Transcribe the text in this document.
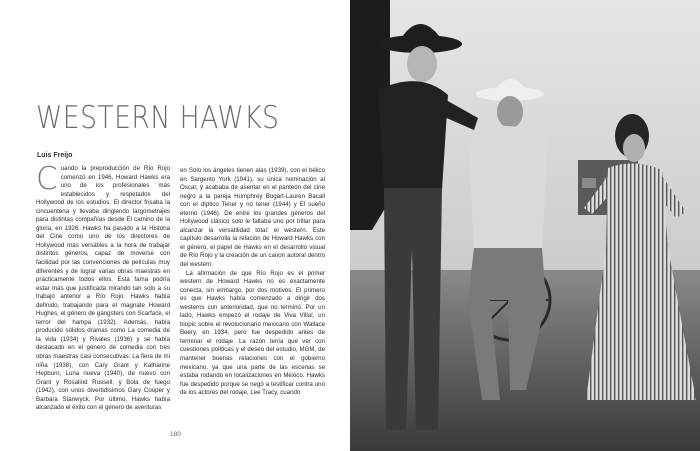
WESTERN HAWKS
Luis Freijo

Cuando la preproducción de Río Rojo comenzó en 1946, Howard Hawks era uno de los profesionales más establecidos y respetados del Hollywood de los estudios. El director frisaba la cincuentena y llevaba dirigiendo largometrajes para distintas compañías desde El camino de la gloria, en 1926. Hawks ha pasado a la Historia del Cine como uno de los directores de Hollywood más versátiles a la hora de trabajar distintos géneros, capaz de moverse con facilidad por las convenciones de películas muy diferentes y de lograr varias obras maestras en prácticamente todos ellos. Esta fama podría estar más que justificada mirando tan solo a su trabajo anterior a Río Rojo. Hawks había definido, trabajando para el magnate Howard Hughes, el género de gángsters con Scarface, el terror del hampa (1932). Además, había producido sólidos dramas como La comedia de la vida (1934) y Rivales (1936) y se había destacado en el género de comedia con tres obras maestras casi consecutivas: La fiera de mi niña (1938), con Cary Grant y Katharine Hepburn, Luna nueva (1940), de nuevo con Grant y Rosalind Russell, y Bola de fuego (1942), con unos divertidísimos Gary Cooper y Barbara Stanwyck. Por último, Hawks había alcanzado el éxito con el género de aventuras

en Solo los ángeles tienen alas (1939), con el bélico en Sargento York (1941), su única nominación al Oscar, y acababa de asentar en el panteón del cine negro a la pareja Humphrey Bogart-Lauren Bacall con el díptico Tener y no tener (1944) y El sueño eterno (1946). De entre los grandes géneros del Hollywood clásico solo le faltaba uno por trillar para alcanzar la versatilidad total: el western. Este capítulo desarrolla la relación de Howard Hawks con el género, el papel de Hawks en el desarrollo visual de Río Rojo y la creación de un canon autoral dentro del western.

La afirmación de que Río Rojo es el primer western de Howard Hawks no es exactamente conecta, sin embargo, por dos motivos. El primero es que Hawks había comenzado a dirigir dos westerns con anterioridad, que no terminó. Por un lado, Hawks empezó el rodaje de Viva Villa!, un biopic sobre el revolucionario mexicano con Wallace Beery, en 1934, pero fue despedido antes de terminar el rodaje. La razón tenía que ver con cuestiones políticas y el deseo del estudio, MGM, de mantener buenas relaciones con el gobierno mexicano, ya que una parte de las escenas se estaba rodando en localizaciones en México. Hawks fue despedido porque se negó a testificar contra uno de los actores del rodaje, Lee Tracy, cuando

180
